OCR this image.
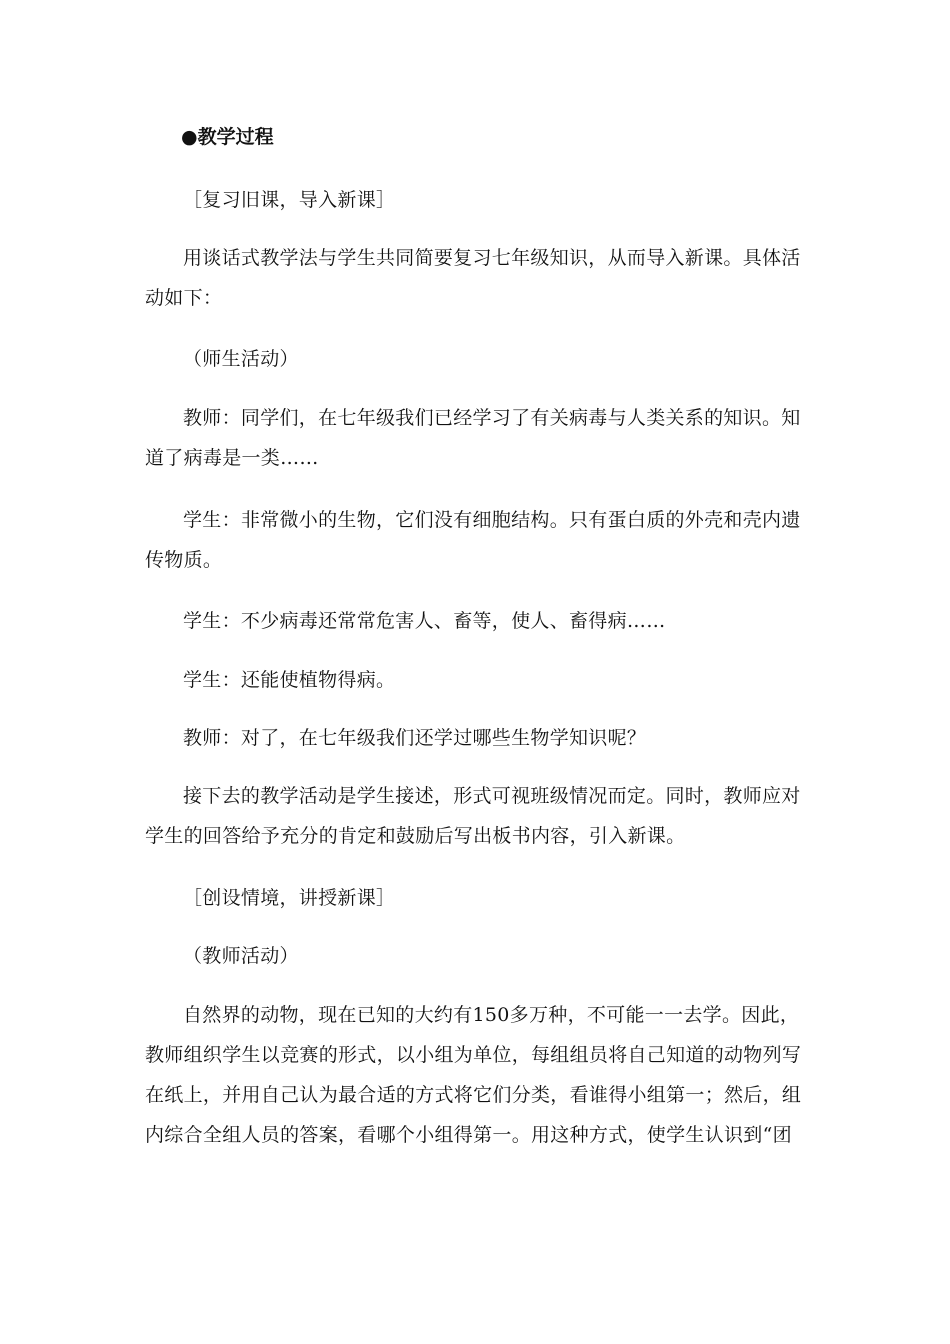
●教学过程
［复习旧课，导入新课］
用谈话式教学法与学生共同简要复习七年级知识，从而导入新课。具体活动如下：
（师生活动）
教师：同学们，在七年级我们已经学习了有关病毒与人类关系的知识。知道了病毒是一类……
学生：非常微小的生物，它们没有细胞结构。只有蛋白质的外壳和壳内遗传物质。
学生：不少病毒还常常危害人、畜等，使人、畜得病……
学生：还能使植物得病。
教师：对了，在七年级我们还学过哪些生物学知识呢？
接下去的教学活动是学生接述，形式可视班级情况而定。同时，教师应对学生的回答给予充分的肯定和鼓励后写出板书内容，引入新课。
［创设情境，讲授新课］
（教师活动）
自然界的动物，现在已知的大约有150多万种，不可能一一去学。因此，教师组织学生以竞赛的形式，以小组为单位，每组组员将自己知道的动物列写在纸上，并用自己认为最合适的方式将它们分类，看谁得小组第一；然后，组内综合全组人员的答案，看哪个小组得第一。用这种方式，使学生认识到“团
